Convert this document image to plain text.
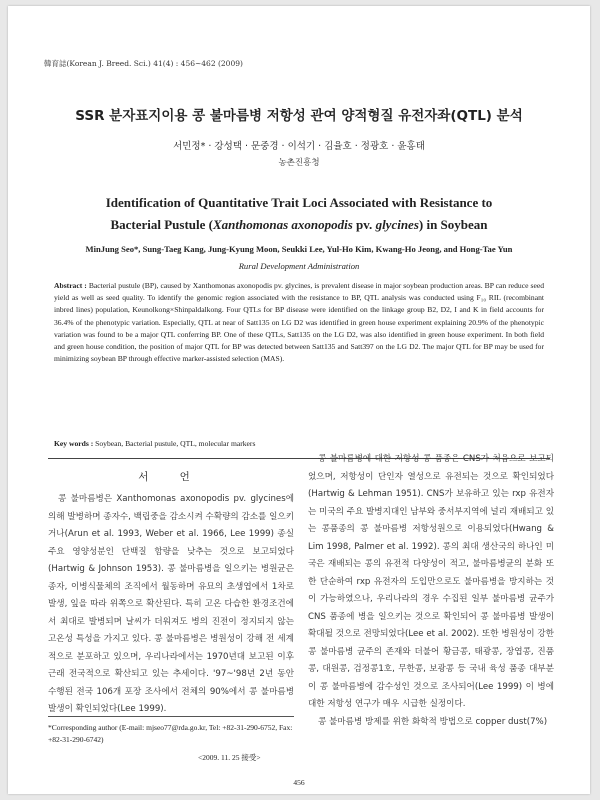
韓育誌(Korean J. Breed. Sci.) 41(4) : 456~462 (2009)
SSR 분자표지이용 콩 불마름병 저항성 관여 양적형질 유전자좌(QTL) 분석
서민정* · 강성택 · 문중경 · 이석기 · 김율호 · 정광호 · 윤홍태
농촌진흥청
Identification of Quantitative Trait Loci Associated with Resistance to
Bacterial Pustule (Xanthomonas axonopodis pv. glycines) in Soybean
MinJung Seo*, Sung-Taeg Kang, Jung-Kyung Moon, Seukki Lee, Yul-Ho Kim, Kwang-Ho Jeong, and Hong-Tae Yun
Rural Development Administration
Abstract : Bacterial pustule (BP), caused by Xanthomonas axonopodis pv. glycines, is prevalent disease in major soybean production areas. BP can reduce seed yield as well as seed quality. To identify the genomic region associated with the resistance to BP, QTL analysis was conducted using F₁₀ RIL (recombinant inbred lines) population, Keunolkong×Shinpaldalkong. Four QTLs for BP disease were identified on the linkage group B2, D2, I and K in field accounts for 36.4% of the phenotypic variation. Especially, QTL at near of Satt135 on LG D2 was identified in green house experiment explaining 20.9% of the phenotypic variation was found to be a major QTL conferring BP. One of these QTLs, Satt135 on the LG D2, was also identified in green house experiment. In both field and green house condition, the position of major QTL for BP was detected between Satt135 and Satt397 on the LG D2. The major QTL for BP may be used for minimizing soybean BP through effective marker-assisted selection (MAS).
Key words : Soybean, Bacterial pustule, QTL, molecular markers
서 언

콩 불마름병은 Xanthomonas axonopodis pv. glycines에 의해 발병하며 종자수, 백립중을 감소시켜 수확량의 감소를 일으키거나(Arun et al. 1993, Weber et al. 1966, Lee 1999) 종실 주요 영양성분인 단백질 함량을 낮추는 것으로 보고되었다(Hartwig & Johnson 1953). 콩 불마름병을 일으키는 병원균은 종자, 이병식물체의 조직에서 월동하며 유묘의 초생엽에서 1차로 발생, 잎을 따라 위쪽으로 확산된다. 특히 고온 다습한 환경조건에서 최대로 발병되며 날씨가 더워져도 병의 진전이 정지되지 않는 고온성 특성을 가지고 있다. 콩 불마름병은 병원성이 강해 전 세계적으로 분포하고 있으며, 우리나라에서는 1970년대 보고된 이후 근래 전국적으로 확산되고 있는 추세이다. '97~'98년 2년 동안 수행된 전국 106개 포장 조사에서 전체의 90%에서 콩 불마름병 발생이 확인되었다(Lee 1999).

콩 불마름병에 대한 저항성 콩 품종은 CNS가 처음으로 보고되었으며, 저항성이 단인자 열성으로 유전되는 것으로 확인되었다(Hartwig & Lehman 1951). CNS가 보유하고 있는 rxp 유전자는 미국의 주요 발병지대인 남부와 중서부지역에 널리 재배되고 있는 콩품종의 콩 불마름병 저항성원으로 이용되었다(Hwang & Lim 1998, Palmer et al. 1992). 콩의 최대 생산국의 하나인 미국은 재배되는 콩의 유전적 다양성이 적고, 불마름병균의 분화 또한 단순하여 rxp 유전자의 도입만으로도 불마름병을 방지하는 것이 가능하였으나, 우리나라의 경우 수집된 일부 불마름병 균주가 CNS 품종에 병을 일으키는 것으로 확인되어 콩 불마름병 발생이 확대될 것으로 전망되었다(Lee et al. 2002). 또한 병원성이 강한 콩 불마름병 균주의 존재와 더불어 황금콩, 태광콩, 장엽콩, 진품콩, 대원콩, 검정콩1호, 무한콩, 보광콩 등 국내 육성 품종 대부분이 콩 불마름병에 감수성인 것으로 조사되어(Lee 1999) 이 병에 대한 저항성 연구가 매우 시급한 실정이다.

콩 불마름병 방제를 위한 화학적 방법으로 copper dust(7%)

*Corresponding author (E-mail: mjseo77@rda.go.kr, Tel: +82-31-290-6752, Fax: +82-31-290-6742)
<2009. 11. 25 接受>
456
